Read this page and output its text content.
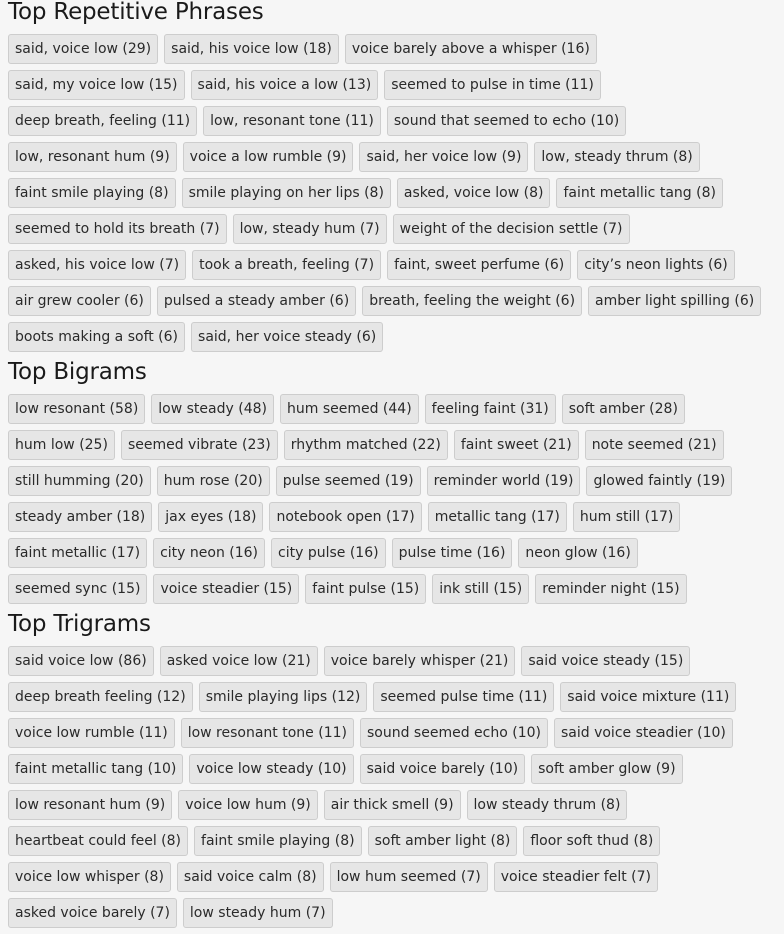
Top Repetitive Phrases
said, voice low (29)	said, his voice low (18)	voice barely above a whisper (16)
said, my voice low (15)	said, his voice a low (13)	seemed to pulse in time (11)
deep breath, feeling (11)	low, resonant tone (11)	sound that seemed to echo (10)
low, resonant hum (9)	voice a low rumble (9)	said, her voice low (9)	low, steady thrum (8)
faint smile playing (8)	smile playing on her lips (8)	asked, voice low (8)	faint metallic tang (8)
seemed to hold its breath (7)	low, steady hum (7)	weight of the decision settle (7)
asked, his voice low (7)	took a breath, feeling (7)	faint, sweet perfume (6)	city’s neon lights (6)
air grew cooler (6)	pulsed a steady amber (6)	breath, feeling the weight (6)	amber light spilling (6)
boots making a soft (6)	said, her voice steady (6)
Top Bigrams
low resonant (58)	low steady (48)	hum seemed (44)	feeling faint (31)	soft amber (28)
hum low (25)	seemed vibrate (23)	rhythm matched (22)	faint sweet (21)	note seemed (21)
still humming (20)	hum rose (20)	pulse seemed (19)	reminder world (19)	glowed faintly (19)
steady amber (18)	jax eyes (18)	notebook open (17)	metallic tang (17)	hum still (17)
faint metallic (17)	city neon (16)	city pulse (16)	pulse time (16)	neon glow (16)
seemed sync (15)	voice steadier (15)	faint pulse (15)	ink still (15)	reminder night (15)
Top Trigrams
said voice low (86)	asked voice low (21)	voice barely whisper (21)	said voice steady (15)
deep breath feeling (12)	smile playing lips (12)	seemed pulse time (11)	said voice mixture (11)
voice low rumble (11)	low resonant tone (11)	sound seemed echo (10)	said voice steadier (10)
faint metallic tang (10)	voice low steady (10)	said voice barely (10)	soft amber glow (9)
low resonant hum (9)	voice low hum (9)	air thick smell (9)	low steady thrum (8)
heartbeat could feel (8)	faint smile playing (8)	soft amber light (8)	floor soft thud (8)
voice low whisper (8)	said voice calm (8)	low hum seemed (7)	voice steadier felt (7)
asked voice barely (7)	low steady hum (7)
